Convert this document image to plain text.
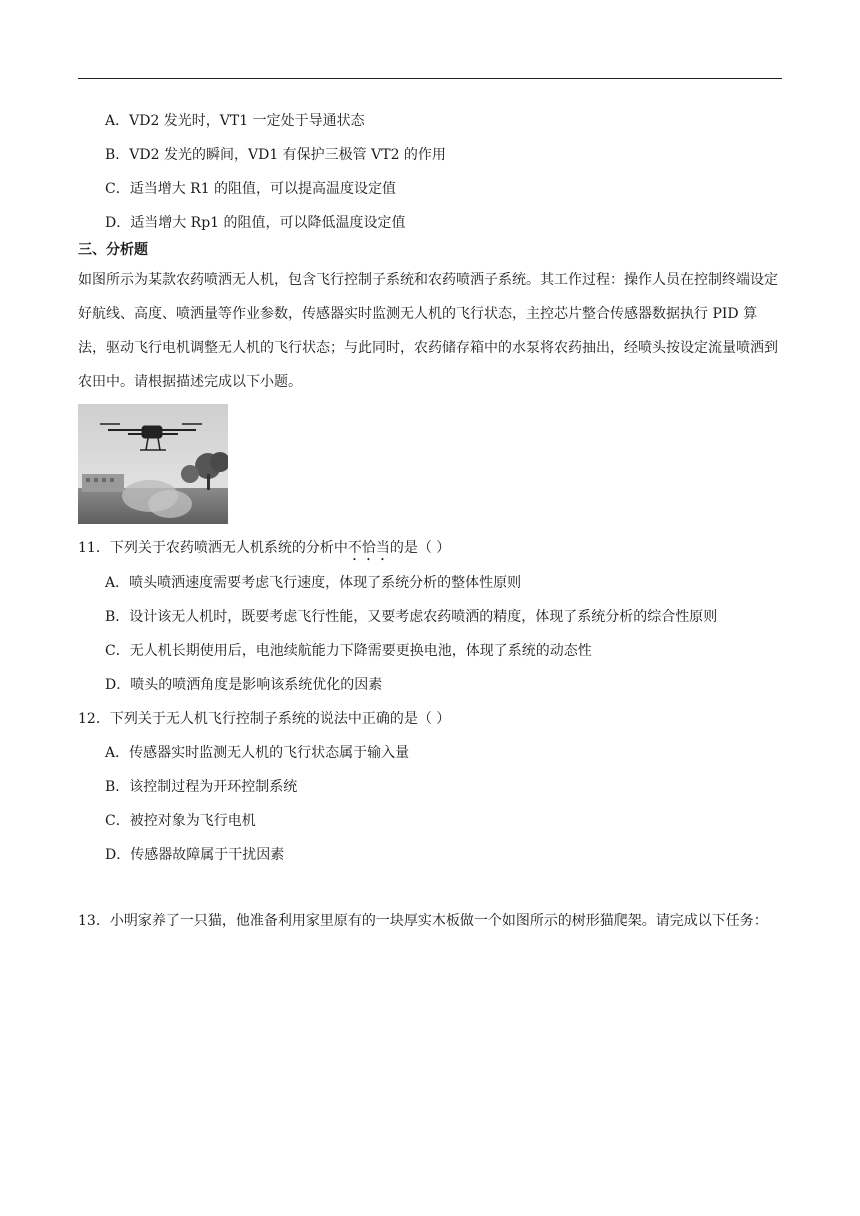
A．VD2 发光时，VT1 一定处于导通状态
B．VD2 发光的瞬间，VD1 有保护三极管 VT2 的作用
C．适当增大 R1 的阻值，可以提高温度设定值
D．适当增大 Rp1 的阻值，可以降低温度设定值
三、分析题
如图所示为某款农药喷洒无人机，包含飞行控制子系统和农药喷洒子系统。其工作过程：操作人员在控制终端设定好航线、高度、喷洒量等作业参数，传感器实时监测无人机的飞行状态，主控芯片整合传感器数据执行 PID 算法，驱动飞行电机调整无人机的飞行状态；与此同时，农药储存箱中的水泵将农药抽出，经喷头按设定流量喷洒到农田中。请根据描述完成以下小题。
11．下列关于农药喷洒无人机系统的分析中不恰当的是（ ）
A．喷头喷洒速度需要考虑飞行速度，体现了系统分析的整体性原则
B．设计该无人机时，既要考虑飞行性能，又要考虑农药喷洒的精度，体现了系统分析的综合性原则
C．无人机长期使用后，电池续航能力下降需要更换电池，体现了系统的动态性
D．喷头的喷洒角度是影响该系统优化的因素
12．下列关于无人机飞行控制子系统的说法中正确的是（ ）
A．传感器实时监测无人机的飞行状态属于输入量
B．该控制过程为开环控制系统
C．被控对象为飞行电机
D．传感器故障属于干扰因素
13．小明家养了一只猫，他准备利用家里原有的一块厚实木板做一个如图所示的树形猫爬架。请完成以下任务：
